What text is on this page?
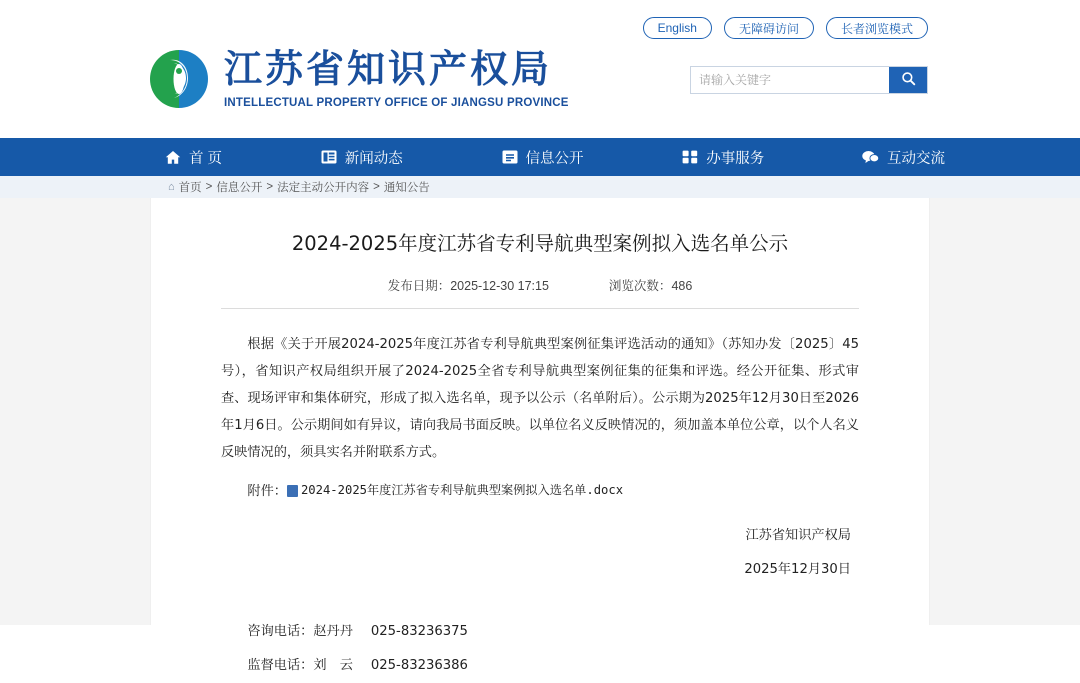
English	无障碍访问	长者浏览模式
江苏省知识产权局
INTELLECTUAL PROPERTY OFFICE OF JIANGSU PROVINCE
请输入关键字
首 页	新闻动态	信息公开	办事服务	互动交流
⌂ 首页 > 信息公开 > 法定主动公开内容 > 通知公告
2024-2025年度江苏省专利导航典型案例拟入选名单公示
发布日期：2025-12-30 17:15	浏览次数：486

根据《关于开展2024-2025年度江苏省专利导航典型案例征集评选活动的通知》（苏知办发〔2025〕45号），省知识产权局组织开展了2024-2025全省专利导航典型案例征集的征集和评选。经公开征集、形式审查、现场评审和集体研究，形成了拟入选名单，现予以公示（名单附后）。公示期为2025年12月30日至2026年1月6日。公示期间如有异议，请向我局书面反映。以单位名义反映情况的，须加盖本单位公章，以个人名义反映情况的，须具实名并附联系方式。

附件： 2024-2025年度江苏省专利导航典型案例拟入选名单.docx
江苏省知识产权局
2025年12月30日
咨询电话：赵丹丹 025-83236375
监督电话：刘　云 025-83236386
